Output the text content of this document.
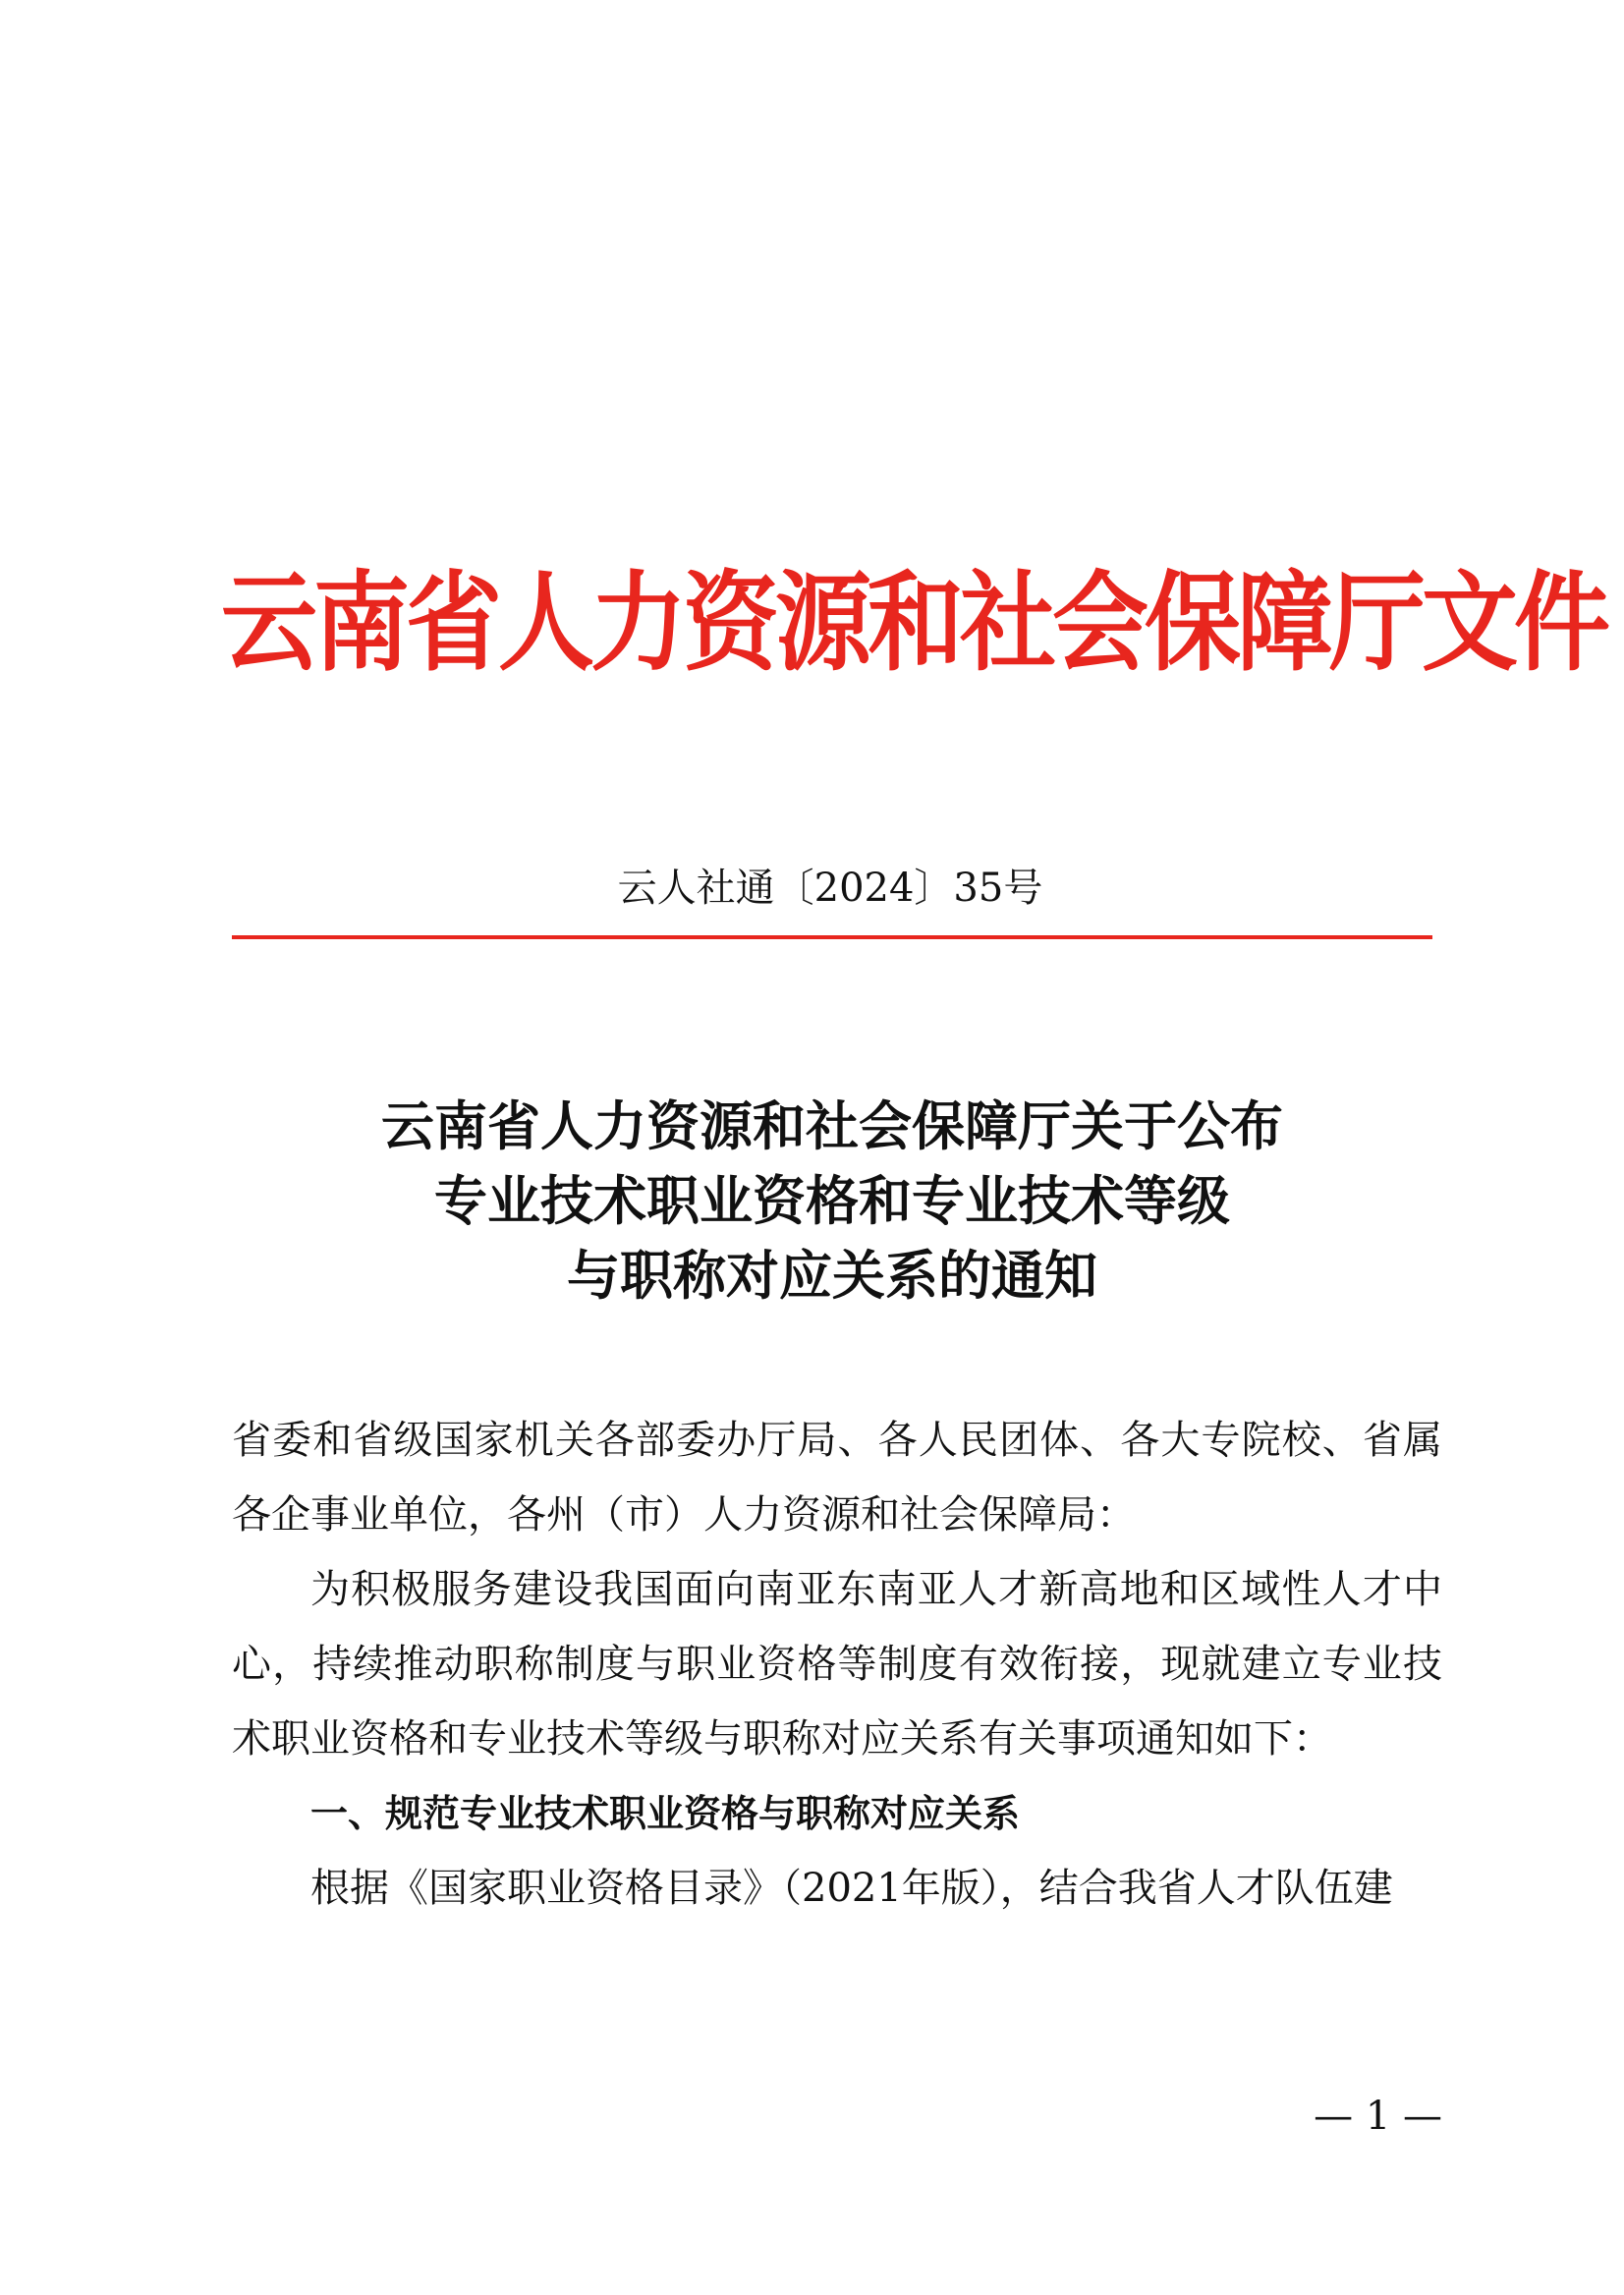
云南省人力资源和社会保障厅文件
云人社通〔2024〕35号
云南省人力资源和社会保障厅关于公布
专业技术职业资格和专业技术等级
与职称对应关系的通知

省委和省级国家机关各部委办厅局、各人民团体、各大专院校、省属各企事业单位，各州（市）人力资源和社会保障局：

为积极服务建设我国面向南亚东南亚人才新高地和区域性人才中心，持续推动职称制度与职业资格等制度有效衔接，现就建立专业技术职业资格和专业技术等级与职称对应关系有关事项通知如下：

一、规范专业技术职业资格与职称对应关系

根据《国家职业资格目录》（2021年版），结合我省人才队伍建

— 1 —
